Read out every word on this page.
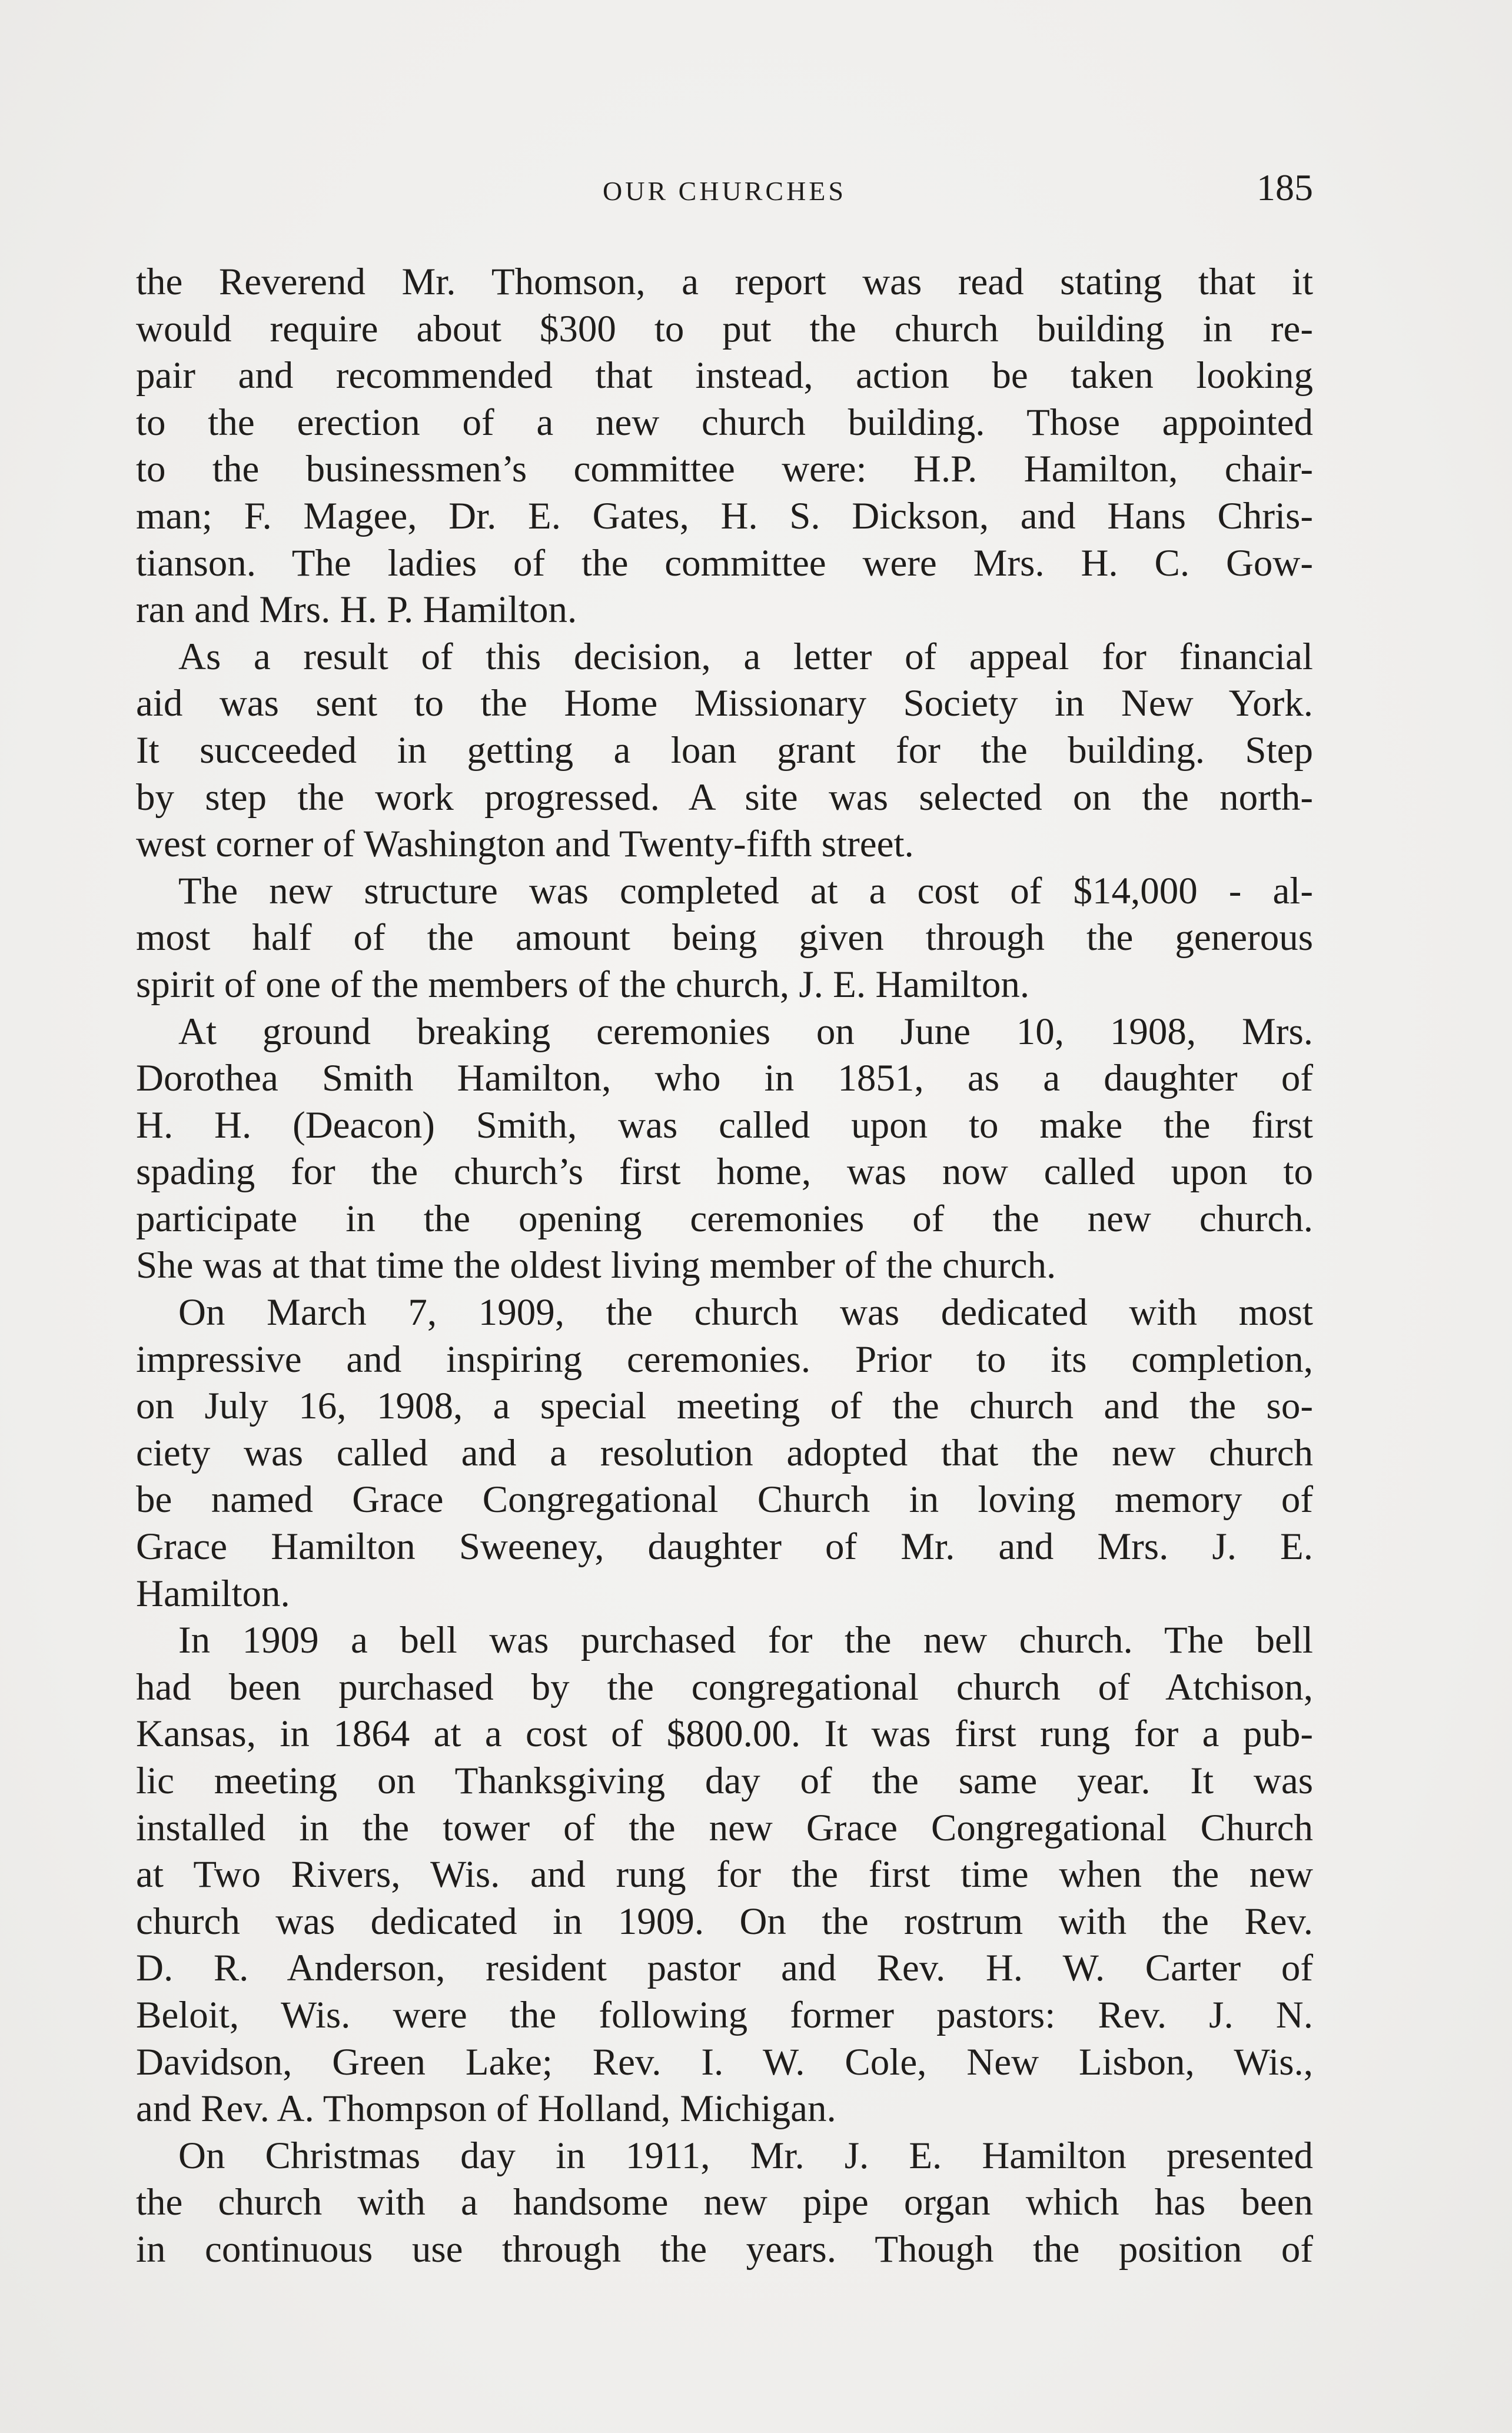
OUR CHURCHES	185
the Reverend Mr. Thomson, a report was read stating that it
would require about $300 to put the church building in re-
pair and recommended that instead, action be taken looking
to the erection of a new church building. Those appointed
to the businessmen’s committee were: H.P. Hamilton, chair-
man; F. Magee, Dr. E. Gates, H. S. Dickson, and Hans Chris-
tianson. The ladies of the committee were Mrs. H. C. Gow-
ran and Mrs. H. P. Hamilton.
As a result of this decision, a letter of appeal for financial
aid was sent to the Home Missionary Society in New York.
It succeeded in getting a loan grant for the building. Step
by step the work progressed. A site was selected on the north-
west corner of Washington and Twenty-fifth street.
The new structure was completed at a cost of $14,000 - al-
most half of the amount being given through the generous
spirit of one of the members of the church, J. E. Hamilton.
At ground breaking ceremonies on June 10, 1908, Mrs.
Dorothea Smith Hamilton, who in 1851, as a daughter of
H. H. (Deacon) Smith, was called upon to make the first
spading for the church’s first home, was now called upon to
participate in the opening ceremonies of the new church.
She was at that time the oldest living member of the church.
On March 7, 1909, the church was dedicated with most
impressive and inspiring ceremonies. Prior to its completion,
on July 16, 1908, a special meeting of the church and the so-
ciety was called and a resolution adopted that the new church
be named Grace Congregational Church in loving memory of
Grace Hamilton Sweeney, daughter of Mr. and Mrs. J. E.
Hamilton.
In 1909 a bell was purchased for the new church. The bell
had been purchased by the congregational church of Atchison,
Kansas, in 1864 at a cost of $800.00. It was first rung for a pub-
lic meeting on Thanksgiving day of the same year. It was
installed in the tower of the new Grace Congregational Church
at Two Rivers, Wis. and rung for the first time when the new
church was dedicated in 1909. On the rostrum with the Rev.
D. R. Anderson, resident pastor and Rev. H. W. Carter of
Beloit, Wis. were the following former pastors: Rev. J. N.
Davidson, Green Lake; Rev. I. W. Cole, New Lisbon, Wis.,
and Rev. A. Thompson of Holland, Michigan.
On Christmas day in 1911, Mr. J. E. Hamilton presented
the church with a handsome new pipe organ which has been
in continuous use through the years. Though the position of
